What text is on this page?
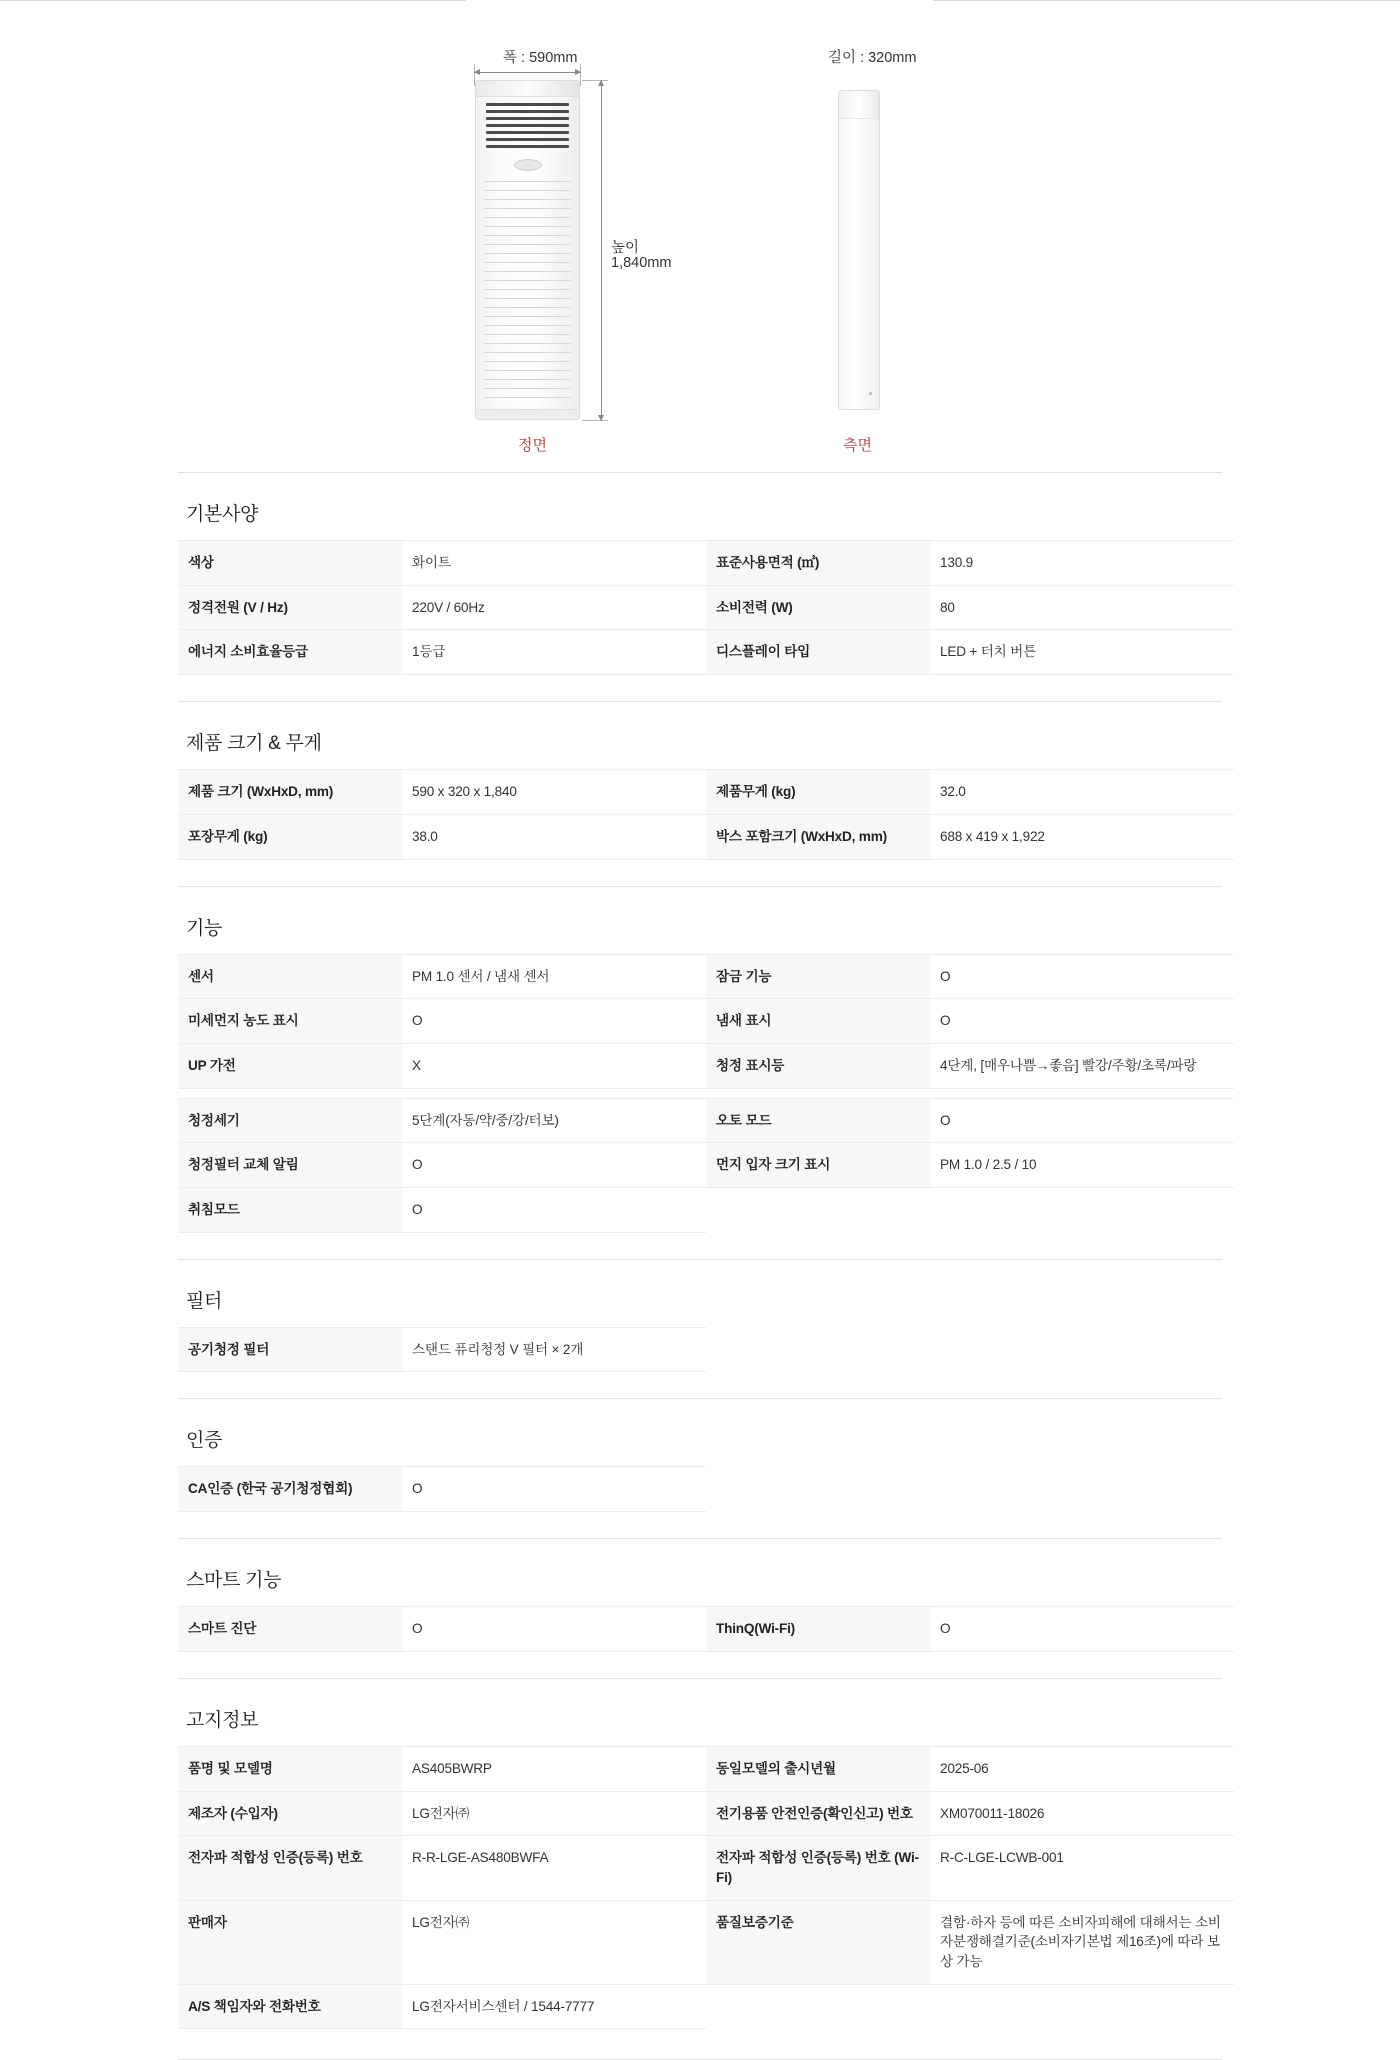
폭 : 590mm
높이
1,840mm
정면
길이 : 320mm
측면
기본사양
색상	화이트	표준사용면적 (㎡)	130.9
정격전원 (V / Hz)	220V / 60Hz	소비전력 (W)	80
에너지 소비효율등급	1등급	디스플레이 타입	LED + 터치 버튼
제품 크기 & 무게
제품 크기 (WxHxD, mm)	590 x 320 x 1,840	제품무게 (kg)	32.0
포장무게 (kg)	38.0	박스 포함크기 (WxHxD, mm)	688 x 419 x 1,922
기능
센서	PM 1.0 센서 / 냄새 센서	잠금 기능	O
미세먼지 농도 표시	O	냄새 표시	O
UP 가전	X	청정 표시등	4단계, [매우나쁨→좋음] 빨강/주황/초록/파랑

청정세기	5단계(자동/약/중/강/터보)	오토 모드	O
청정필터 교체 알림	O	먼지 입자 크기 표시	PM 1.0 / 2.5 / 10
취침모드	O		
필터
공기청정 필터	스탠드 퓨리청정 V 필터 × 2개		
인증
CA인증 (한국 공기청정협회)	O		
스마트 기능
스마트 진단	O	ThinQ(Wi-Fi)	O
고지정보
품명 및 모델명	AS405BWRP	동일모델의 출시년월	2025-06
제조자 (수입자)	LG전자㈜	전기용품 안전인증(확인신고) 번호	XM070011-18026
전자파 적합성 인증(등록) 번호	R-R-LGE-AS480BWFA	전자파 적합성 인증(등록) 번호 (Wi-Fi)	R-C-LGE-LCWB-001
판매자	LG전자㈜	품질보증기준	결함·하자 등에 따른 소비자피해에 대해서는 소비자분쟁해결기준(소비자기본법 제16조)에 따라 보상 가능
A/S 책임자와 전화번호	LG전자서비스센터 / 1544-7777		
